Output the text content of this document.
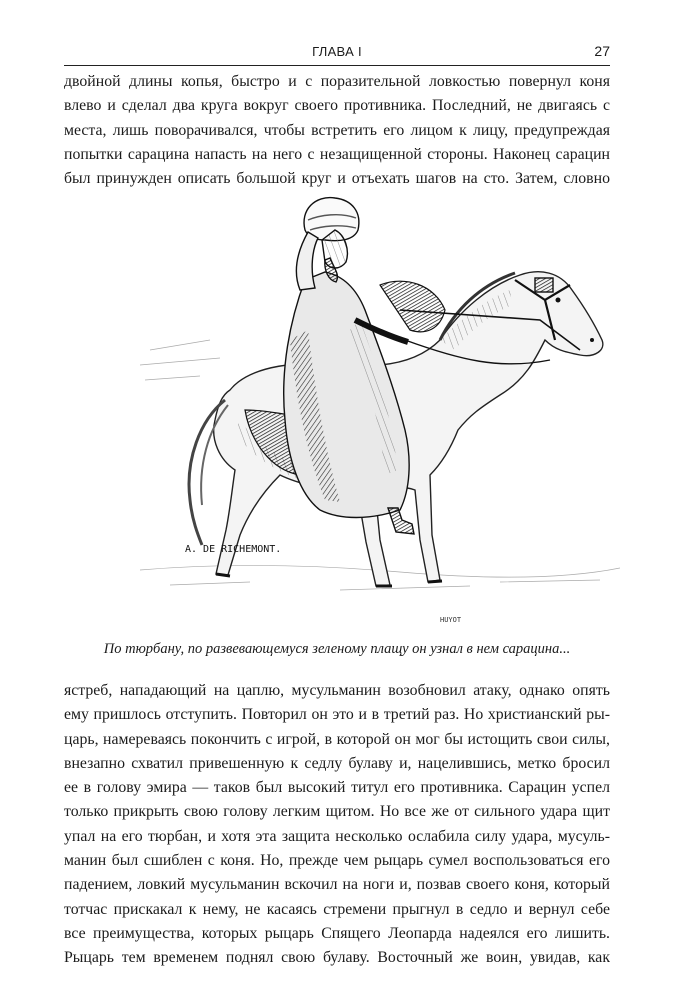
ГЛАВА I	27
двойной длины копья, быстро и с поразительной ловкостью повернул коня
влево и сделал два круга вокруг своего противника. Последний, не двигаясь с
места, лишь поворачивался, чтобы встретить его лицом к лицу, предупреждая
попытки сарацина напасть на него с незащищенной стороны. Наконец сарацин
был принужден описать большой круг и отъехать шагов на сто. Затем, словно
A. DE RICHEMONT.
HUYOT
По тюрбану, по развевающемуся зеленому плащу он узнал в нем сарацина...
ястреб, нападающий на цаплю, мусульманин возобновил атаку, однако опять
ему пришлось отступить. Повторил он это и в третий раз. Но христианский ры-
царь, намереваясь покончить с игрой, в которой он мог бы истощить свои силы,
внезапно схватил привешенную к седлу булаву и, нацелившись, метко бросил
ее в голову эмира — таков был высокий титул его противника. Сарацин успел
только прикрыть свою голову легким щитом. Но все же от сильного удара щит
упал на его тюрбан, и хотя эта защита несколько ослабила силу удара, мусуль-
манин был сшиблен с коня. Но, прежде чем рыцарь сумел воспользоваться его
падением, ловкий мусульманин вскочил на ноги и, позвав своего коня, который
тотчас прискакал к нему, не касаясь стремени прыгнул в седло и вернул себе
все преимущества, которых рыцарь Спящего Леопарда надеялся его лишить.
Рыцарь тем временем поднял свою булаву. Восточный же воин, увидав, как
